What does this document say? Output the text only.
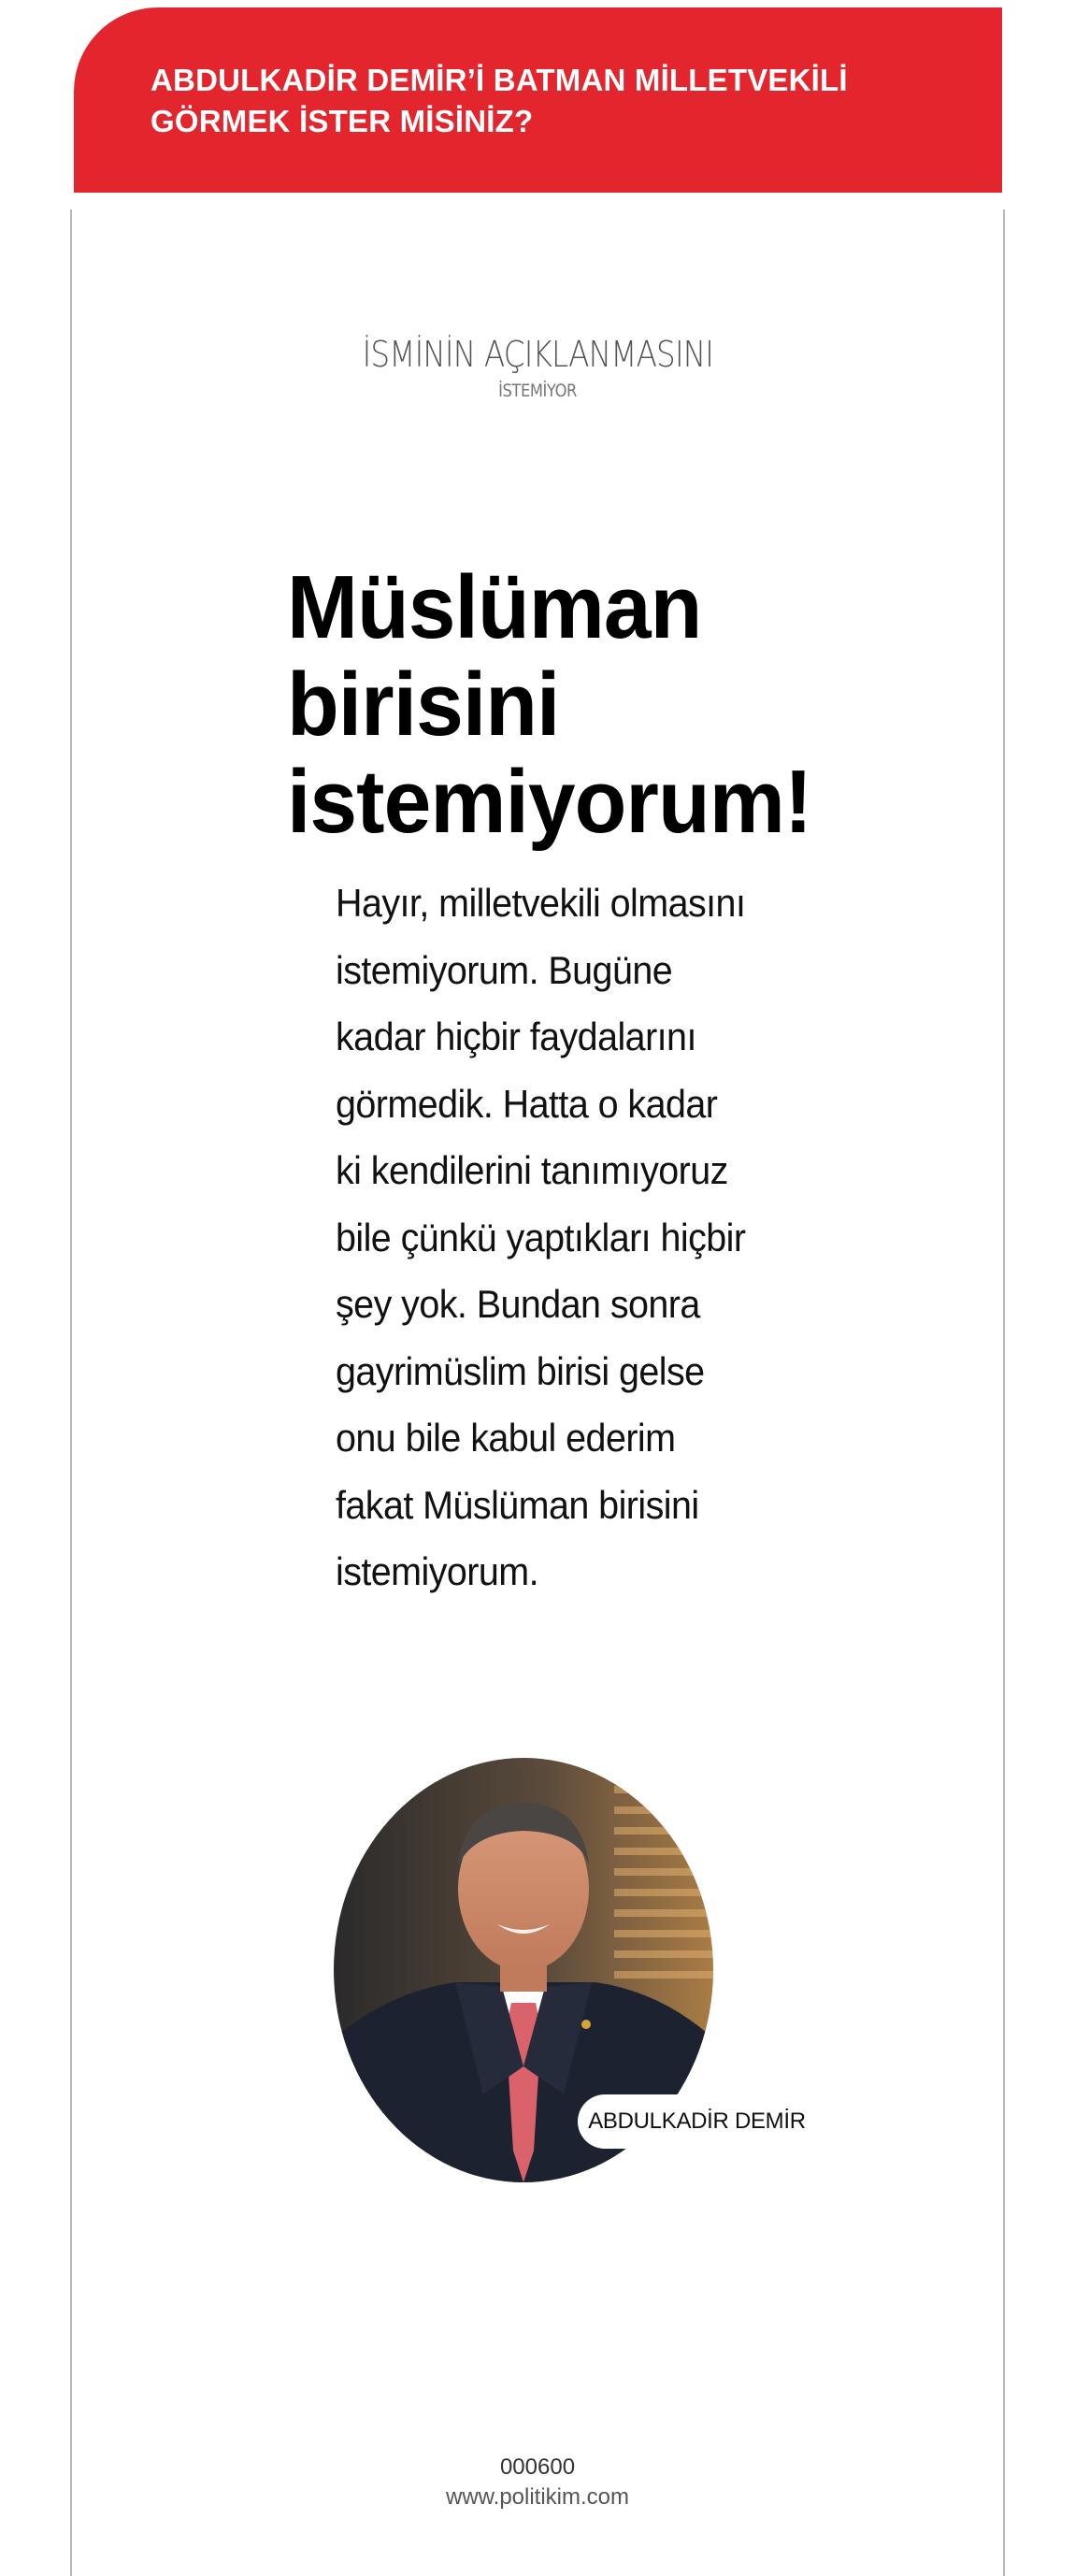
ABDULKADİR DEMİR’İ BATMAN MİLLETVEKİLİ
GÖRMEK İSTER MİSİNİZ?
İSMİNİN AÇIKLANMASINI
İSTEMİYOR
Müslüman birisini istemiyorum!
Hayır, milletvekili olmasını istemiyorum. Bugüne kadar hiçbir faydalarını görmedik. Hatta o kadar ki kendilerini tanımıyoruz bile çünkü yaptıkları hiçbir şey yok. Bundan sonra gayrimüslim birisi gelse onu bile kabul ederim fakat Müslüman birisini istemiyorum.
ABDULKADİR DEMİR
000600
www.politikim.com
